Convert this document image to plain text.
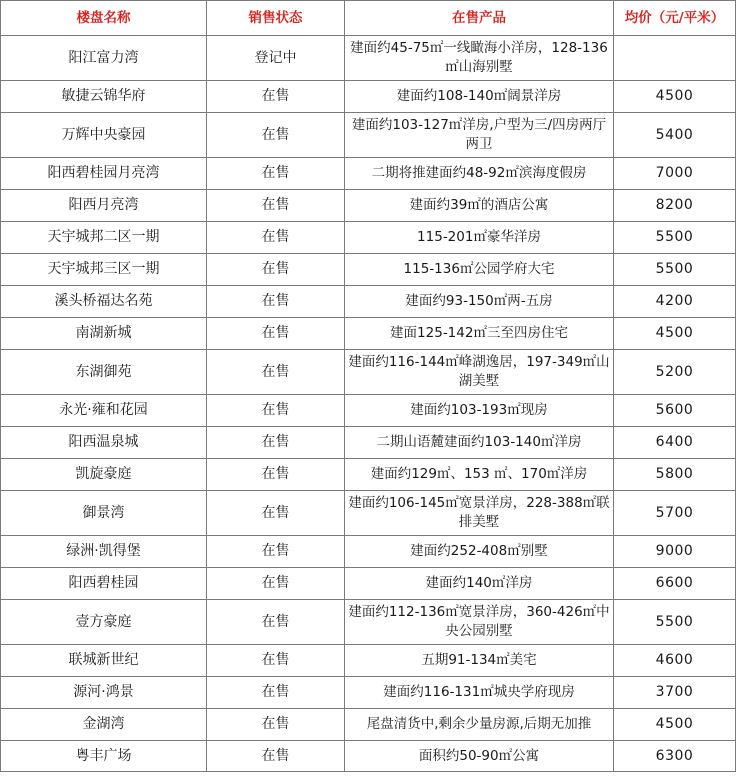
楼盘名称	销售状态	在售产品	均价（元/平米）
阳江富力湾	登记中	建面约45-75㎡一线瞰海小洋房，128-136㎡山海别墅	
敏捷云锦华府	在售	建面约108-140㎡阔景洋房	4500
万辉中央豪园	在售	建面约103-127㎡洋房,户型为三/四房两厅两卫	5400
阳西碧桂园月亮湾	在售	二期将推建面约48-92㎡滨海度假房	7000
阳西月亮湾	在售	建面约39㎡的酒店公寓	8200
天宇城邦二区一期	在售	115-201㎡豪华洋房	5500
天宇城邦三区一期	在售	115-136㎡公园学府大宅	5500
溪头桥福达名苑	在售	建面约93-150㎡两-五房	4200
南湖新城	在售	建面125-142㎡三至四房住宅	4500
东湖御苑	在售	建面约116-144㎡峰湖逸居，197-349㎡山湖美墅	5200
永光·雍和花园	在售	建面约103-193㎡现房	5600
阳西温泉城	在售	二期山语麓建面约103-140㎡洋房	6400
凯旋豪庭	在售	建面约129㎡、153 ㎡、170㎡洋房	5800
御景湾	在售	建面约106-145㎡宽景洋房，228-388㎡联排美墅	5700
绿洲·凯得堡	在售	建面约252-408㎡别墅	9000
阳西碧桂园	在售	建面约140㎡洋房	6600
壹方豪庭	在售	建面约112-136㎡宽景洋房，360-426㎡中央公园别墅	5500
联城新世纪	在售	五期91-134㎡美宅	4600
源河·鸿景	在售	建面约116-131㎡城央学府现房	3700
金湖湾	在售	尾盘清货中,剩余少量房源,后期无加推	4500
粤丰广场	在售	面积约50-90㎡公寓	6300
